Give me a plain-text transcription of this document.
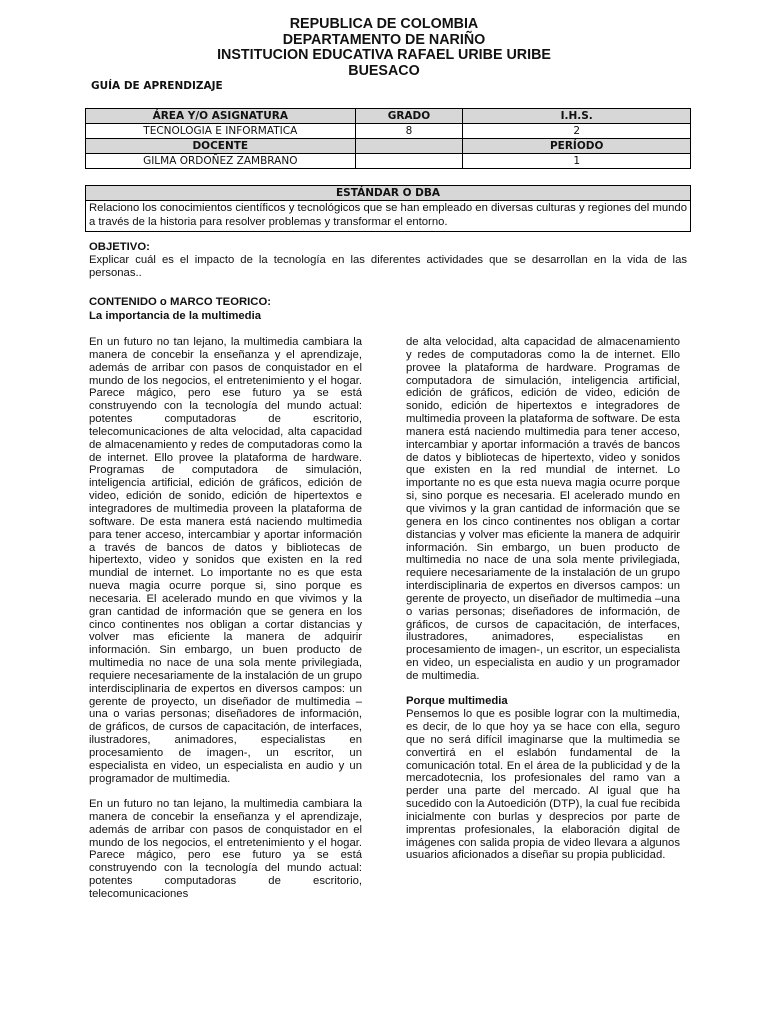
REPUBLICA DE COLOMBIA
DEPARTAMENTO DE NARIÑO
INSTITUCION EDUCATIVA RAFAEL URIBE URIBE
BUESACO
GUÍA DE APRENDIZAJE
ÁREA Y/O ASIGNATURA	GRADO	I.H.S.
TECNOLOGIA E INFORMATICA	8	2
DOCENTE		PERÍODO
GILMA ORDOÑEZ ZAMBRANO		1
ESTÁNDAR O DBA
Relaciono los conocimientos científicos y tecnológicos que se han empleado en diversas culturas y regiones del mundo a través de la historia para resolver problemas y transformar el entorno.
OBJETIVO:
Explicar cuál es el impacto de la tecnología en las diferentes actividades que se desarrollan en la vida de las personas..
CONTENIDO o MARCO TEORICO:
La importancia de la multimedia

En un futuro no tan lejano, la multimedia cambiara la manera de concebir la enseñanza y el aprendizaje, además de arribar con pasos de conquistador en el mundo de los negocios, el entretenimiento y el hogar. Parece mágico, pero ese futuro ya se está construyendo con la tecnología del mundo actual: potentes computadoras de escritorio, telecomunicaciones de alta velocidad, alta capacidad de almacenamiento y redes de computadoras como la de internet. Ello provee la plataforma de hardware. Programas de computadora de simulación, inteligencia artificial, edición de gráficos, edición de video, edición de sonido, edición de hipertextos e integradores de multimedia proveen la plataforma de software. De esta manera está naciendo multimedia para tener acceso, intercambiar y aportar información a través de bancos de datos y bibliotecas de hipertexto, video y sonidos que existen en la red mundial de internet. Lo importante no es que esta nueva magia ocurre porque si, sino porque es necesaria. El acelerado mundo en que vivimos y la gran cantidad de información que se genera en los cinco continentes nos obligan a cortar distancias y volver mas eficiente la manera de adquirir información. Sin embargo, un buen producto de multimedia no nace de una sola mente privilegiada, requiere necesariamente de la instalación de un grupo interdisciplinaria de expertos en diversos campos: un gerente de proyecto, un diseñador de multimedia –una o varias personas; diseñadores de información, de gráficos, de cursos de capacitación, de interfaces, ilustradores, animadores, especialistas en procesamiento de imagen-, un escritor, un especialista en video, un especialista en audio y un programador de multimedia.

En un futuro no tan lejano, la multimedia cambiara la manera de concebir la enseñanza y el aprendizaje, además de arribar con pasos de conquistador en el mundo de los negocios, el entretenimiento y el hogar. Parece mágico, pero ese futuro ya se está construyendo con la tecnología del mundo actual: potentes computadoras de escritorio, telecomunicaciones

de alta velocidad, alta capacidad de almacenamiento y redes de computadoras como la de internet. Ello provee la plataforma de hardware. Programas de computadora de simulación, inteligencia artificial, edición de gráficos, edición de video, edición de sonido, edición de hipertextos e integradores de multimedia proveen la plataforma de software. De esta manera está naciendo multimedia para tener acceso, intercambiar y aportar información a través de bancos de datos y bibliotecas de hipertexto, video y sonidos que existen en la red mundial de internet. Lo importante no es que esta nueva magia ocurre porque si, sino porque es necesaria. El acelerado mundo en que vivimos y la gran cantidad de información que se genera en los cinco continentes nos obligan a cortar distancias y volver mas eficiente la manera de adquirir información. Sin embargo, un buen producto de multimedia no nace de una sola mente privilegiada, requiere necesariamente de la instalación de un grupo interdisciplinaria de expertos en diversos campos: un gerente de proyecto, un diseñador de multimedia –una o varias personas; diseñadores de información, de gráficos, de cursos de capacitación, de interfaces, ilustradores, animadores, especialistas en procesamiento de imagen-, un escritor, un especialista en video, un especialista en audio y un programador de multimedia.

Porque multimedia

Pensemos lo que es posible lograr con la multimedia, es decir, de lo que hoy ya se hace con ella, seguro que no será difícil imaginarse que la multimedia se convertirá en el eslabón fundamental de la comunicación total. En el área de la publicidad y de la mercadotecnia, los profesionales del ramo van a perder una parte del mercado. Al igual que ha sucedido con la Autoedición (DTP), la cual fue recibida inicialmente con burlas y desprecios por parte de imprentas profesionales, la elaboración digital de imágenes con salida propia de video llevara a algunos usuarios aficionados a diseñar su propia publicidad.
